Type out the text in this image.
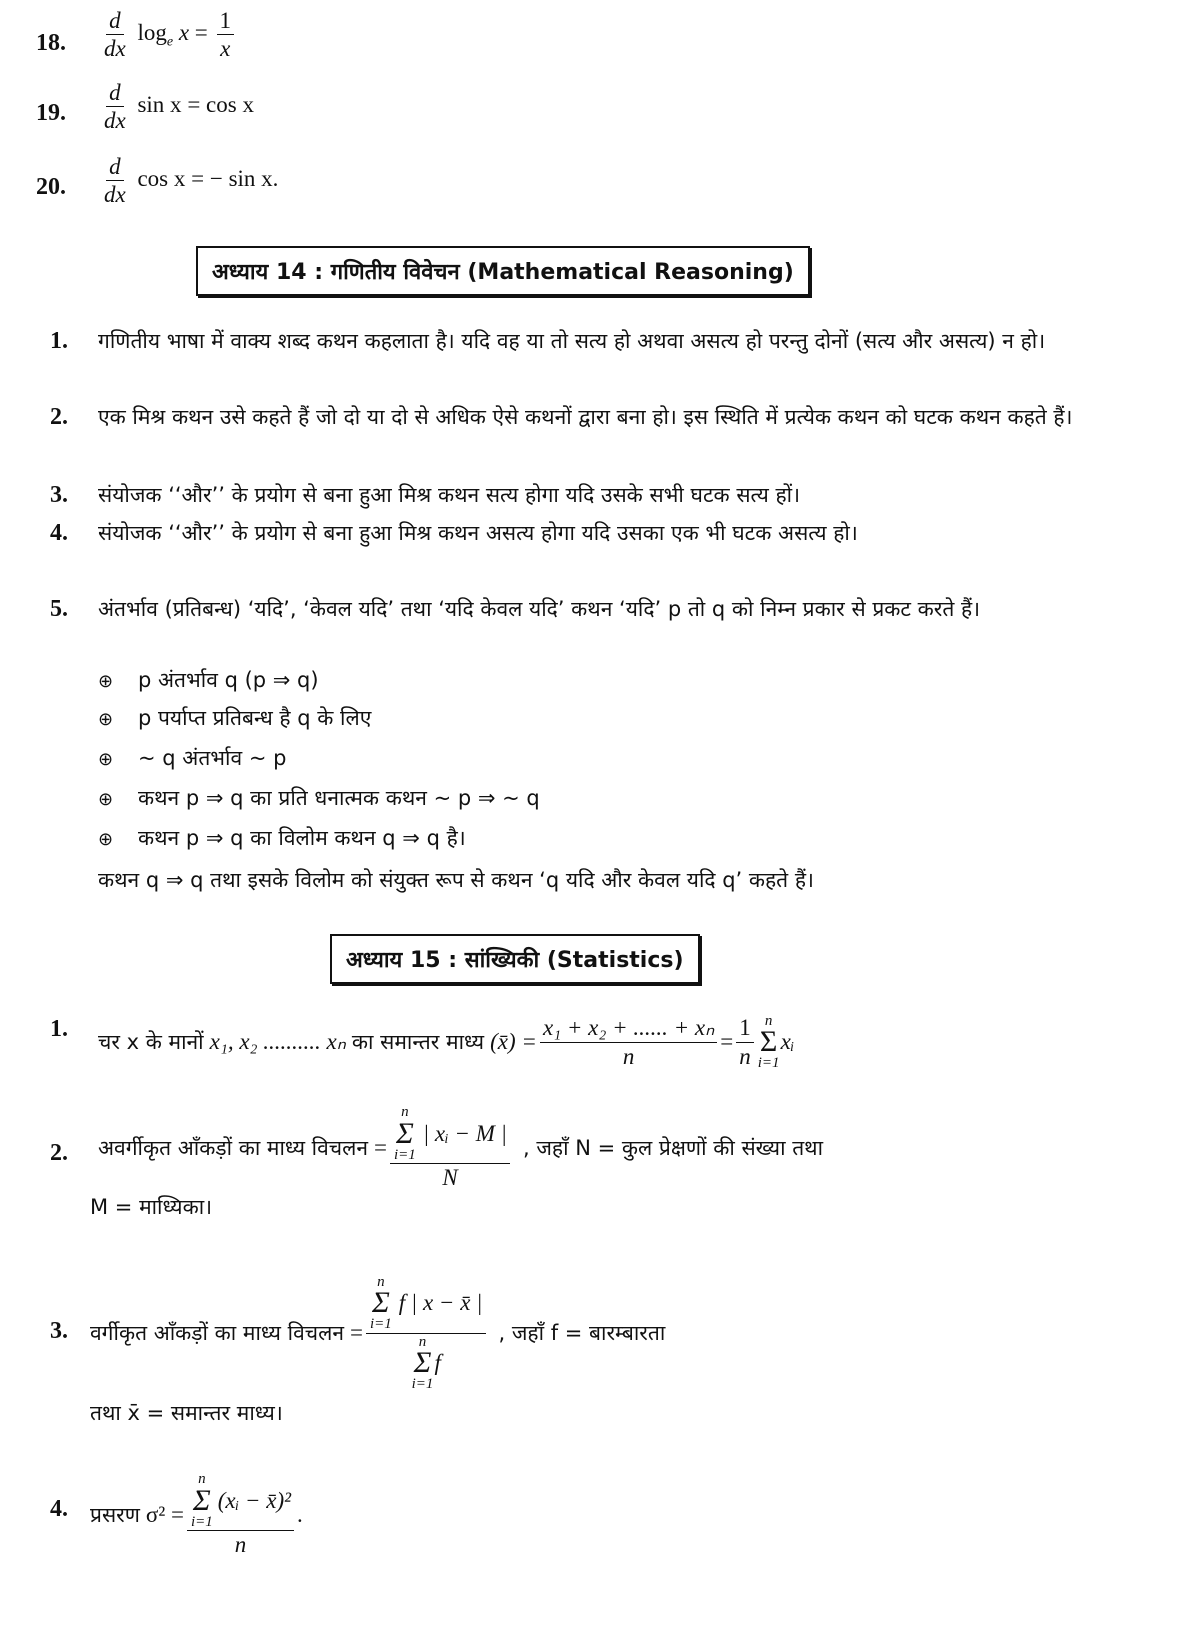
18. $\frac{d}{dx} \log_e x = \frac{1}{x}$
19. $\frac{d}{dx}$ sin x = cos x
20. $\frac{d}{dx}$ cos x = − sin x.
अध्याय 14 : गणितीय विवेचन (Mathematical Reasoning)
1. गणितीय भाषा में वाक्य शब्द कथन कहलाता है। यदि वह या तो सत्य हो अथवा असत्य हो परन्तु दोनों (सत्य और असत्य) न हो।
2. एक मिश्र कथन उसे कहते हैं जो दो या दो से अधिक ऐसे कथनों द्वारा बना हो। इस स्थिति में प्रत्येक कथन को घटक कथन कहते हैं।
3. संयोजक ‘‘और’’ के प्रयोग से बना हुआ मिश्र कथन सत्य होगा यदि उसके सभी घटक सत्य हों।
4. संयोजक ‘‘और’’ के प्रयोग से बना हुआ मिश्र कथन असत्य होगा यदि उसका एक भी घटक असत्य हो।
5. अंतर्भाव (प्रतिबन्ध) ‘यदि’, ‘केवल यदि’ तथा ‘यदि केवल यदि’ कथन ‘यदि’ p तो q को निम्न प्रकार से प्रकट करते हैं।
⊕ p अंतर्भाव q (p ⇒ q)
⊕ p पर्याप्त प्रतिबन्ध है q के लिए
⊕ ~ q अंतर्भाव ~ p
⊕ कथन p ⇒ q का प्रति धनात्मक कथन ~ p ⇒ ~ q
⊕ कथन p ⇒ q का विलोम कथन q ⇒ q है।
कथन q ⇒ q तथा इसके विलोम को संयुक्त रूप से कथन ‘q यदि और केवल यदि q’ कहते हैं।
अध्याय 15 : सांख्यिकी (Statistics)
1. चर x के मानों x₁, x₂ .......... xₙ का समान्तर माध्य (x̄) = $\frac{\text{x₁ + x₂ + ...... + xₙ}}{n} = \frac{1}{n}$ n
Σ
i=1
xᵢ
2. अवर्गीकृत आँकड़ों का माध्य विचलन = n
Σ
i=1
| xᵢ − M |
N , जहाँ N = कुल प्रेक्षणों की संख्या तथा
M = माध्यिका।
3. वर्गीकृत आँकड़ों का माध्य विचलन = n
Σ
i=1
f | x − x̄ |
n
Σ
i=1
f , जहाँ f = बारम्बारता
तथा x̄ = समान्तर माध्य।
4. प्रसरण σ² = n
Σ
i=1
(xᵢ − x̄)²
n .
